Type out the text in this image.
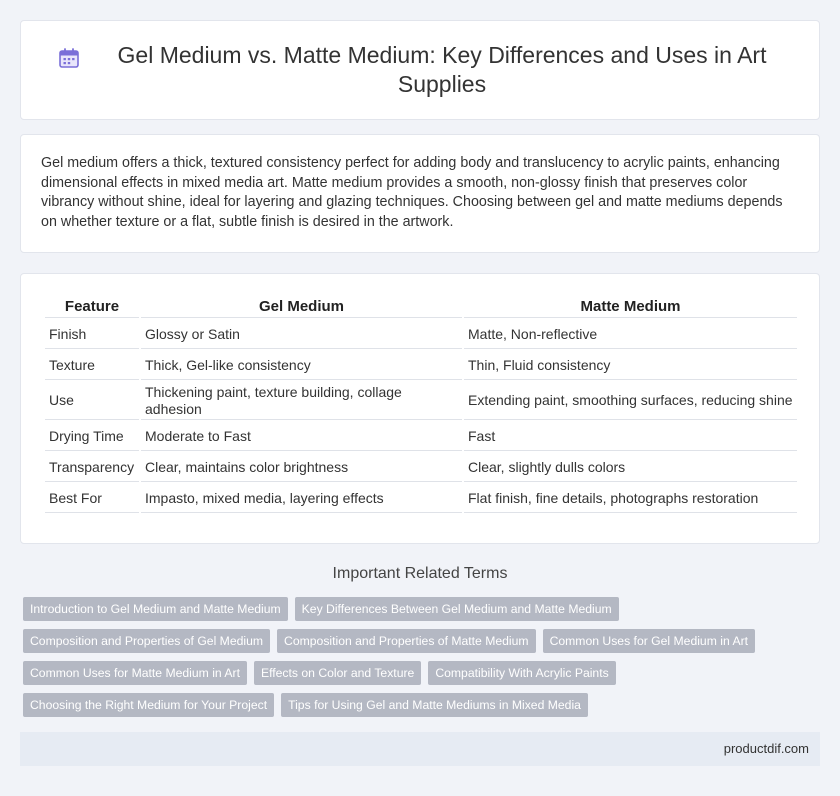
Gel Medium vs. Matte Medium: Key Differences and Uses in Art Supplies

Gel medium offers a thick, textured consistency perfect for adding body and translucency to acrylic paints, enhancing dimensional effects in mixed media art. Matte medium provides a smooth, non-glossy finish that preserves color vibrancy without shine, ideal for layering and glazing techniques. Choosing between gel and matte mediums depends on whether texture or a flat, subtle finish is desired in the artwork.

Feature	Gel Medium	Matte Medium
Finish	Glossy or Satin	Matte, Non-reflective
Texture	Thick, Gel-like consistency	Thin, Fluid consistency
Use	Thickening paint, texture building, collage adhesion	Extending paint, smoothing surfaces, reducing shine
Drying Time	Moderate to Fast	Fast
Transparency	Clear, maintains color brightness	Clear, slightly dulls colors
Best For	Impasto, mixed media, layering effects	Flat finish, fine details, photographs restoration
Important Related Terms
Introduction to Gel Medium and Matte Medium	Key Differences Between Gel Medium and Matte Medium
Composition and Properties of Gel Medium	Composition and Properties of Matte Medium	Common Uses for Gel Medium in Art
Common Uses for Matte Medium in Art	Effects on Color and Texture	Compatibility With Acrylic Paints
Choosing the Right Medium for Your Project	Tips for Using Gel and Matte Mediums in Mixed Media
productdif.com
